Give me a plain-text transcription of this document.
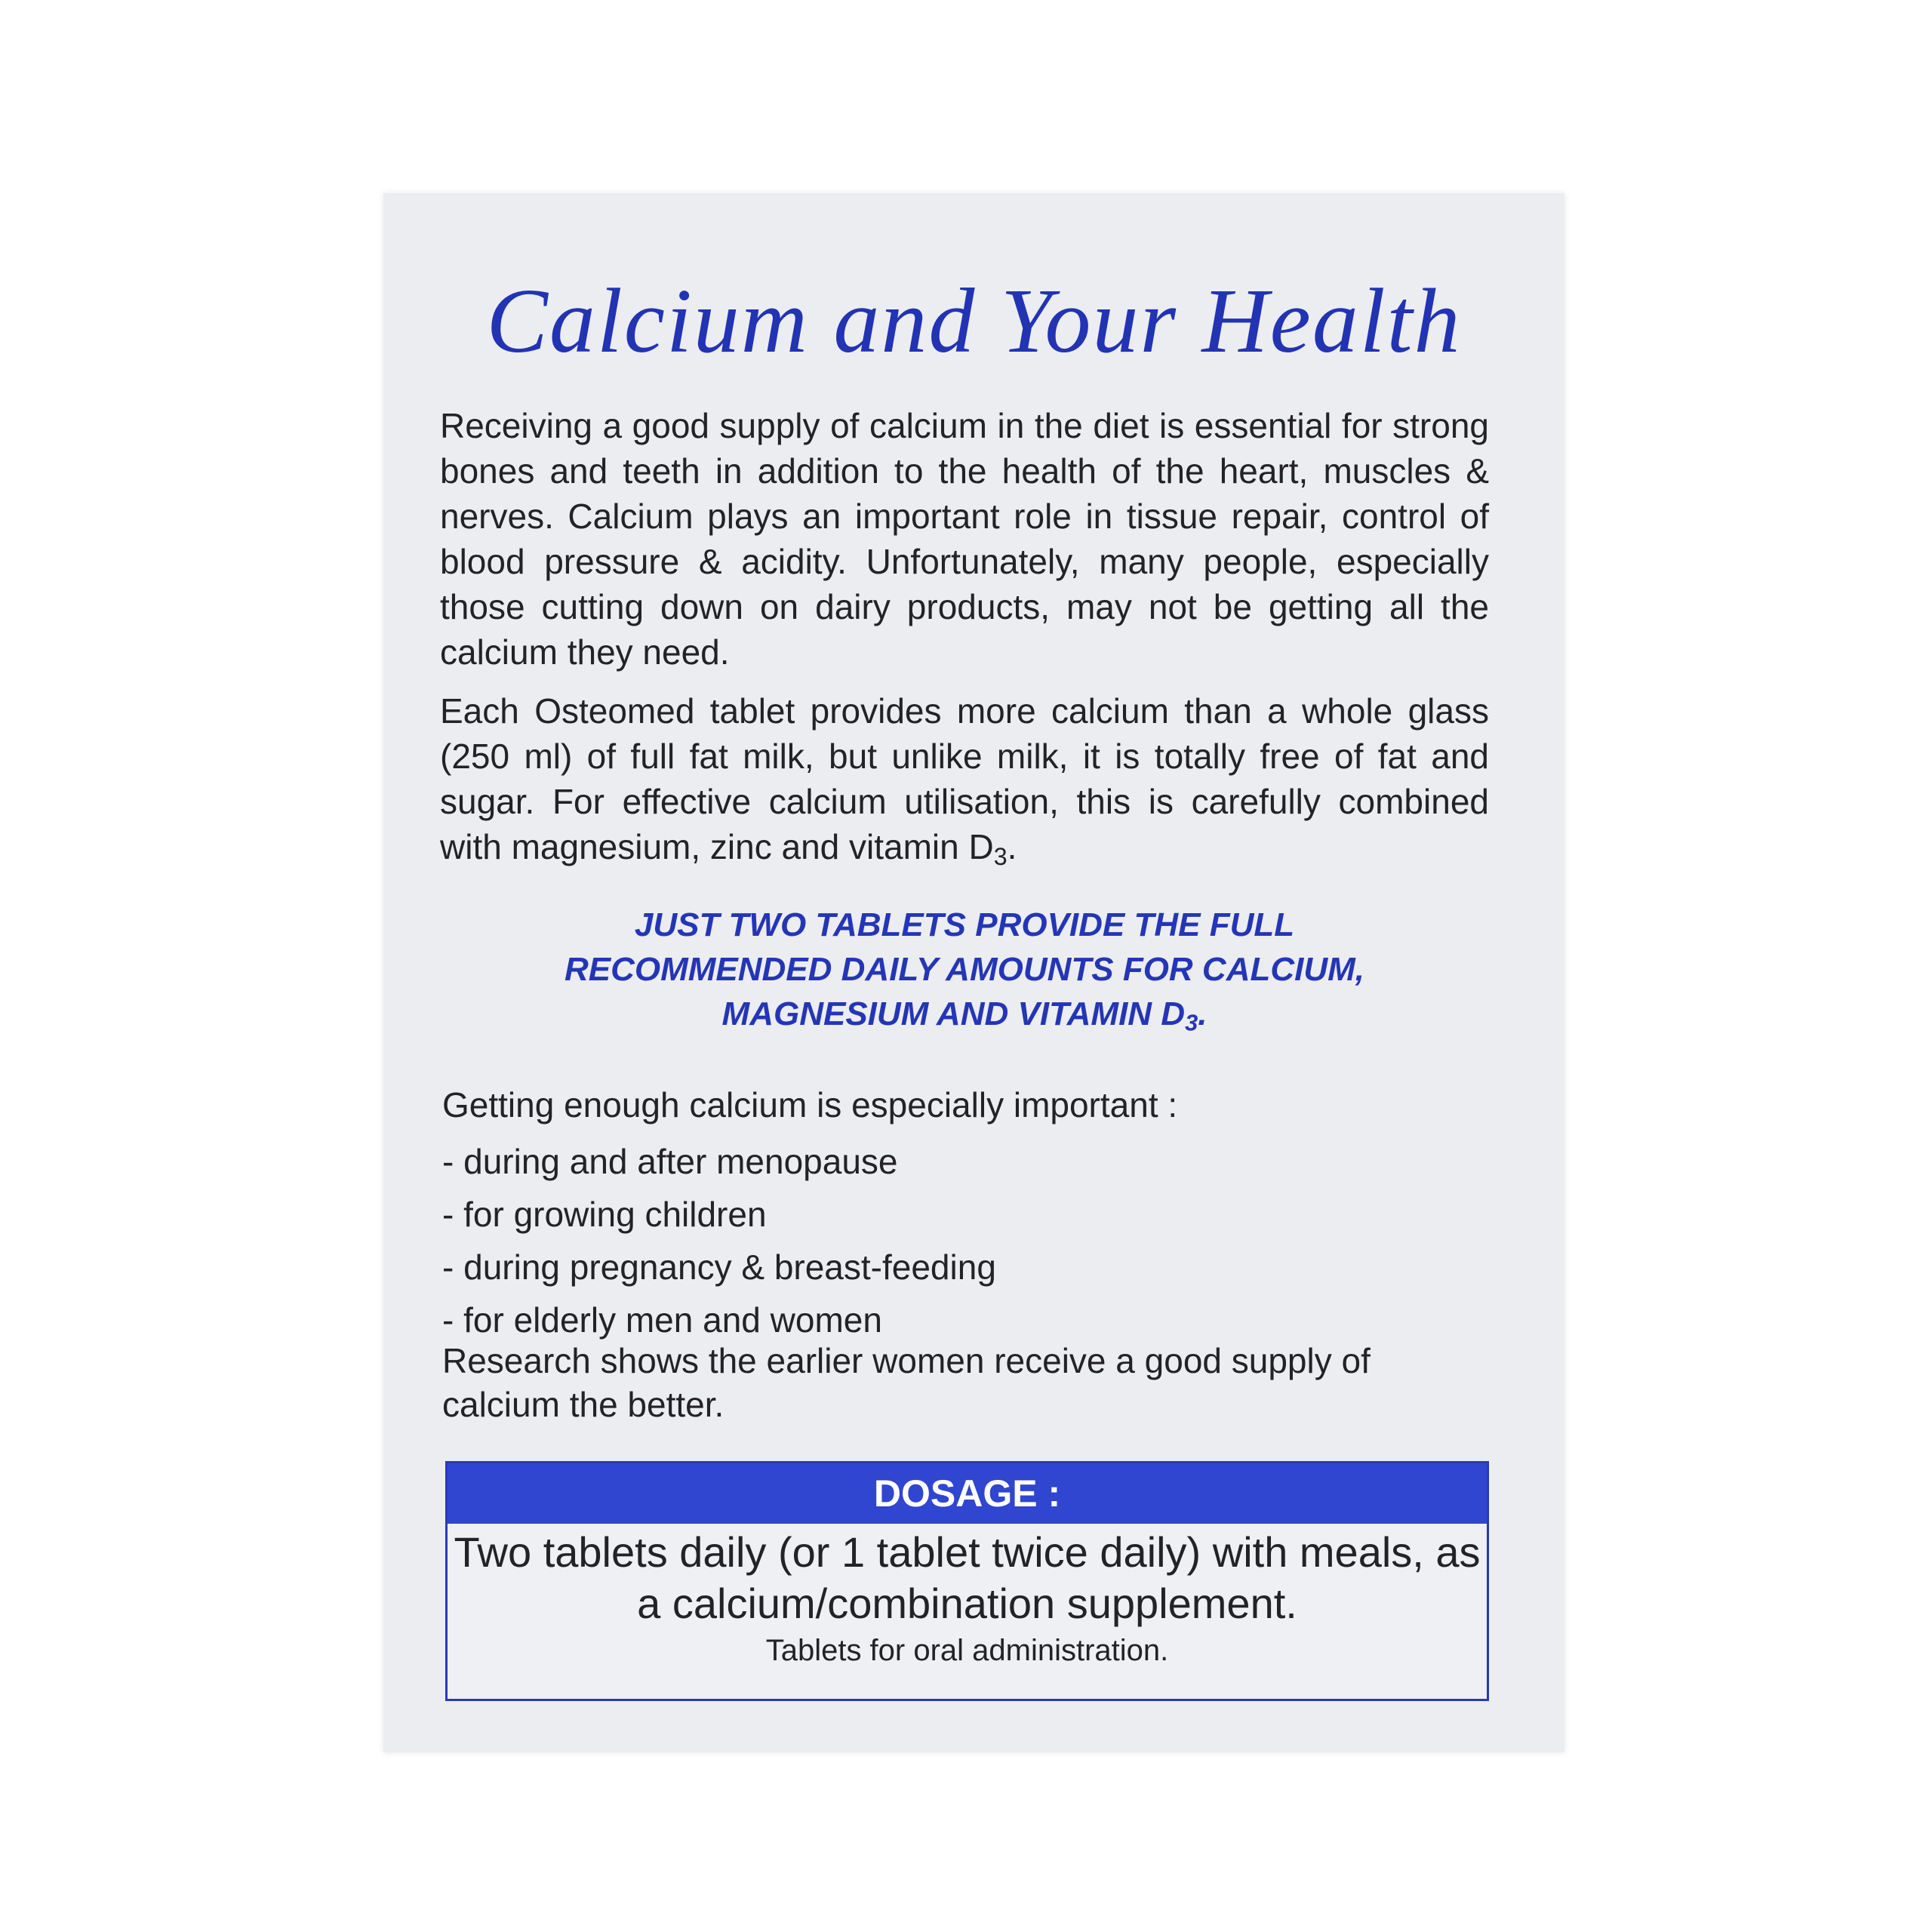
Calcium and Your Health
Receiving a good supply of calcium in the diet is essential for strong bones and teeth in addition to the health of the heart, muscles & nerves. Calcium plays an important role in tissue repair, control of blood pressure & acidity. Unfortunately, many people, especially those cutting down on dairy products, may not be getting all the calcium they need.
Each Osteomed tablet provides more calcium than a whole glass (250 ml) of full fat milk, but unlike milk, it is totally free of fat and sugar. For effective calcium utilisation, this is carefully combined with magnesium, zinc and vitamin $D_3$.
JUST TWO TABLETS PROVIDE THE FULL
RECOMMENDED DAILY AMOUNTS FOR CALCIUM,
MAGNESIUM AND VITAMIN $D_3$.
Getting enough calcium is especially important :
- during and after menopause
- for growing children
- during pregnancy & breast-feeding
- for elderly men and women
Research shows the earlier women receive a good supply of calcium the better.
DOSAGE :
Two tablets daily (or 1 tablet twice daily) with meals, as a calcium/combination supplement.
Tablets for oral administration.
